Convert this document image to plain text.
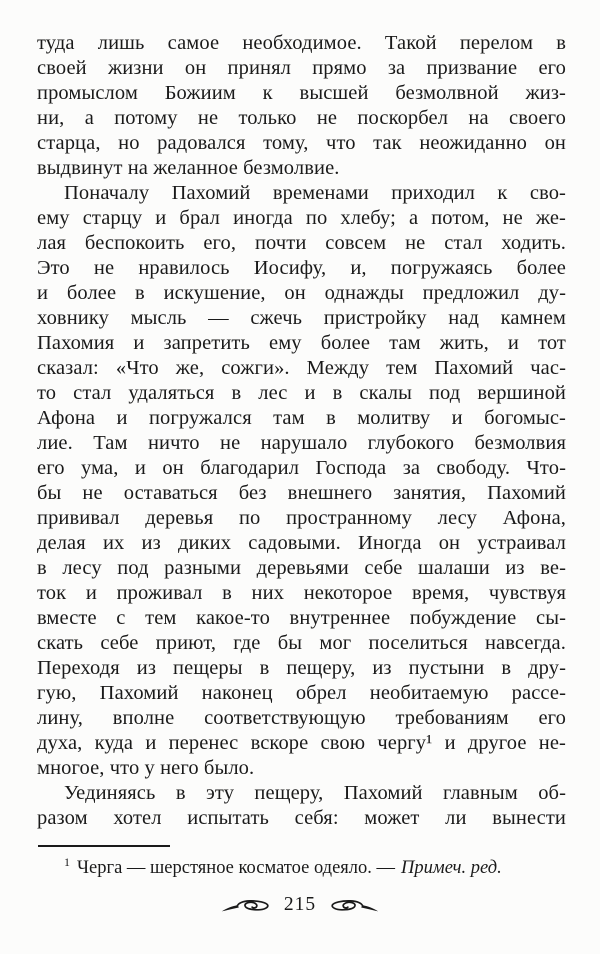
туда лишь самое необходимое. Такой перелом в
своей жизни он принял прямо за призвание его
промыслом Божиим к высшей безмолвной жиз-
ни, а потому не только не поскорбел на своего
старца, но радовался тому, что так неожиданно он
выдвинут на желанное безмолвие.
Поначалу Пахомий временами приходил к сво-
ему старцу и брал иногда по хлебу; а потом, не же-
лая беспокоить его, почти совсем не стал ходить.
Это не нравилось Иосифу, и, погружаясь более
и более в искушение, он однажды предложил ду-
ховнику мысль — сжечь пристройку над камнем
Пахомия и запретить ему более там жить, и тот
сказал: «Что же, сожги». Между тем Пахомий час-
то стал удаляться в лес и в скалы под вершиной
Афона и погружался там в молитву и богомыс-
лие. Там ничто не нарушало глубокого безмолвия
его ума, и он благодарил Господа за свободу. Что-
бы не оставаться без внешнего занятия, Пахомий
прививал деревья по пространному лесу Афона,
делая их из диких садовыми. Иногда он устраивал
в лесу под разными деревьями себе шалаши из ве-
ток и проживал в них некоторое время, чувствуя
вместе с тем какое-то внутреннее побуждение сы-
скать себе приют, где бы мог поселиться навсегда.
Переходя из пещеры в пещеру, из пустыни в дру-
гую, Пахомий наконец обрел необитаемую рассе-
лину, вполне соответствующую требованиям его
духа, куда и перенес вскоре свою чергу¹ и другое не-
многое, что у него было.
Уединяясь в эту пещеру, Пахомий главным об-
разом хотел испытать себя: может ли вынести
$^1$ Черга — шерстяное косматое одеяло. — Примеч. ред.
215
